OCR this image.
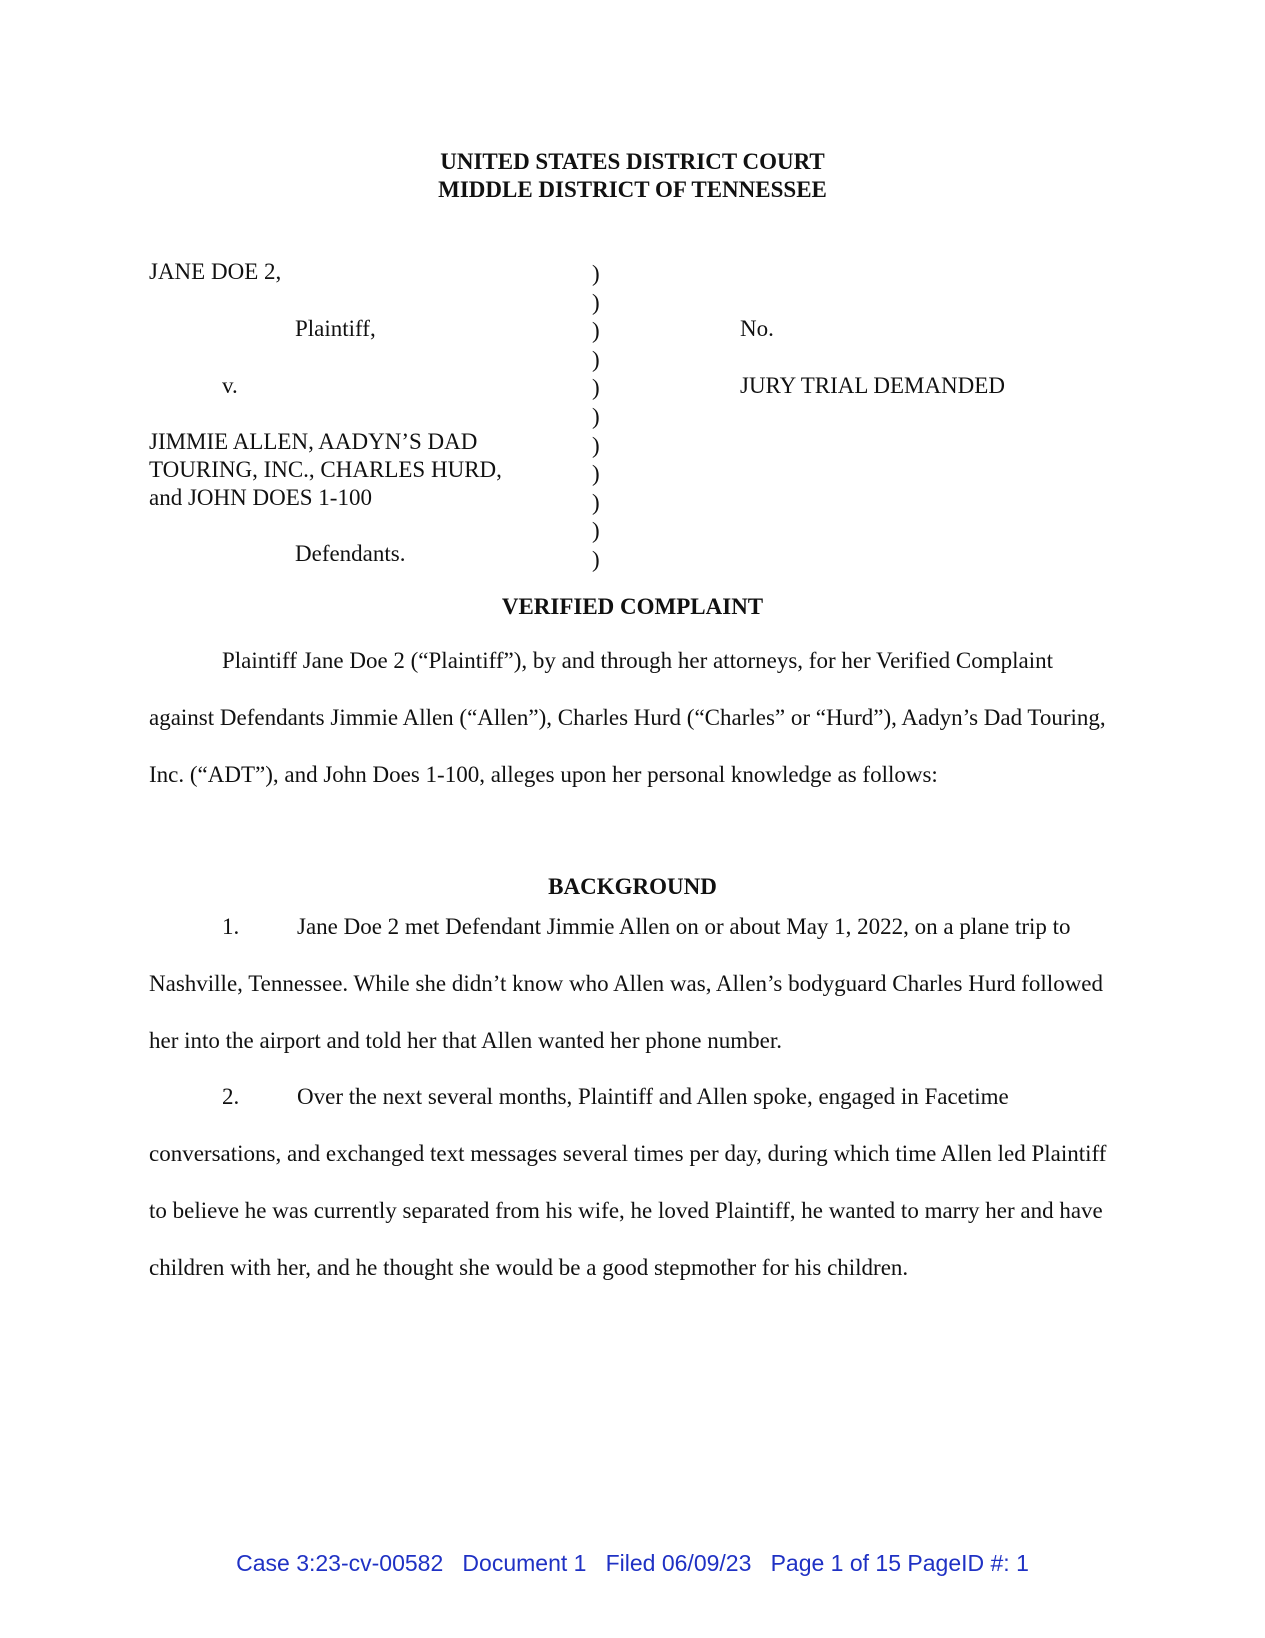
UNITED STATES DISTRICT COURT
MIDDLE DISTRICT OF TENNESSEE
JANE DOE 2,
Plaintiff,
v.
JIMMIE ALLEN, AADYN’S DAD
TOURING, INC., CHARLES HURD,
and JOHN DOES 1-100
Defendants.
)
)
)
)
)
)
)
)
)
)
)
No.
JURY TRIAL DEMANDED
VERIFIED COMPLAINT
Plaintiff Jane Doe 2 (“Plaintiff”), by and through her attorneys, for her Verified Complaint against Defendants Jimmie Allen (“Allen”), Charles Hurd (“Charles” or “Hurd”), Aadyn’s Dad Touring, Inc. (“ADT”), and John Does 1-100, alleges upon her personal knowledge as follows:
BACKGROUND
1.	Jane Doe 2 met Defendant Jimmie Allen on or about May 1, 2022, on a plane trip to Nashville, Tennessee. While she didn’t know who Allen was, Allen’s bodyguard Charles Hurd followed her into the airport and told her that Allen wanted her phone number.
2.	Over the next several months, Plaintiff and Allen spoke, engaged in Facetime conversations, and exchanged text messages several times per day, during which time Allen led Plaintiff to believe he was currently separated from his wife, he loved Plaintiff, he wanted to marry her and have children with her, and he thought she would be a good stepmother for his children.
Case 3:23-cv-00582 Document 1 Filed 06/09/23 Page 1 of 15 PageID #: 1
